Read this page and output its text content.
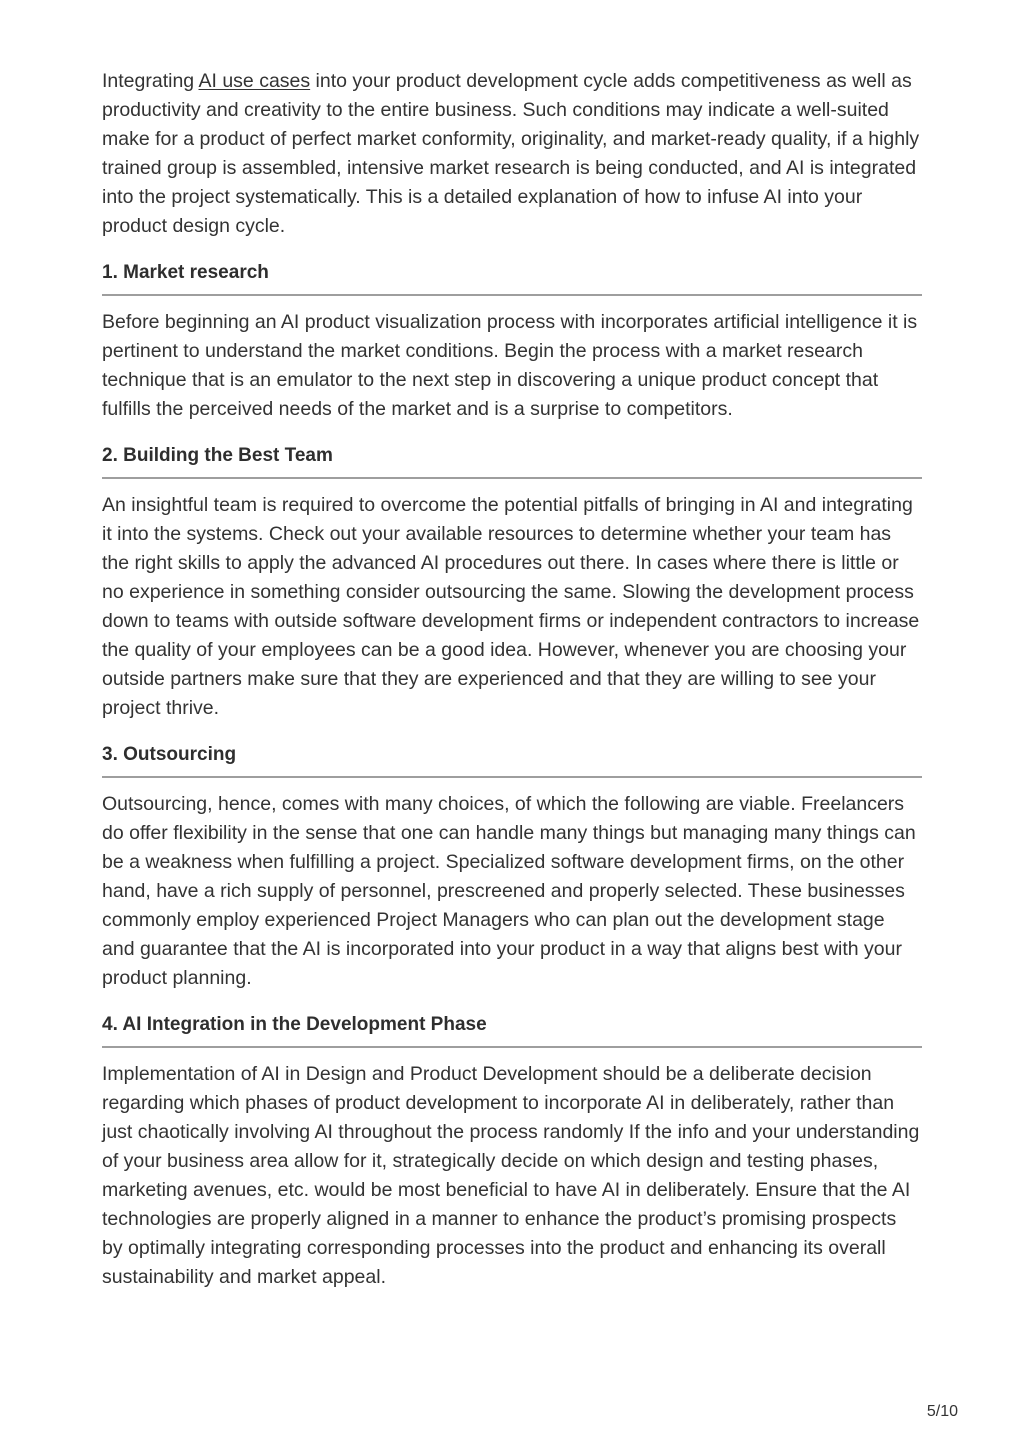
Integrating AI use cases into your product development cycle adds competitiveness as well as productivity and creativity to the entire business. Such conditions may indicate a well-suited make for a product of perfect market conformity, originality, and market-ready quality, if a highly trained group is assembled, intensive market research is being conducted, and AI is integrated into the project systematically. This is a detailed explanation of how to infuse AI into your product design cycle.

1. Market research

Before beginning an AI product visualization process with incorporates artificial intelligence it is pertinent to understand the market conditions. Begin the process with a market research technique that is an emulator to the next step in discovering a unique product concept that fulfills the perceived needs of the market and is a surprise to competitors.

2. Building the Best Team

An insightful team is required to overcome the potential pitfalls of bringing in AI and integrating it into the systems. Check out your available resources to determine whether your team has the right skills to apply the advanced AI procedures out there. In cases where there is little or no experience in something consider outsourcing the same. Slowing the development process down to teams with outside software development firms or independent contractors to increase the quality of your employees can be a good idea. However, whenever you are choosing your outside partners make sure that they are experienced and that they are willing to see your project thrive.

3. Outsourcing

Outsourcing, hence, comes with many choices, of which the following are viable. Freelancers do offer flexibility in the sense that one can handle many things but managing many things can be a weakness when fulfilling a project. Specialized software development firms, on the other hand, have a rich supply of personnel, prescreened and properly selected. These businesses commonly employ experienced Project Managers who can plan out the development stage and guarantee that the AI is incorporated into your product in a way that aligns best with your product planning.

4. AI Integration in the Development Phase

Implementation of AI in Design and Product Development should be a deliberate decision regarding which phases of product development to incorporate AI in deliberately, rather than just chaotically involving AI throughout the process randomly If the info and your understanding of your business area allow for it, strategically decide on which design and testing phases, marketing avenues, etc. would be most beneficial to have AI in deliberately. Ensure that the AI technologies are properly aligned in a manner to enhance the product’s promising prospects by optimally integrating corresponding processes into the product and enhancing its overall sustainability and market appeal.

5/10
